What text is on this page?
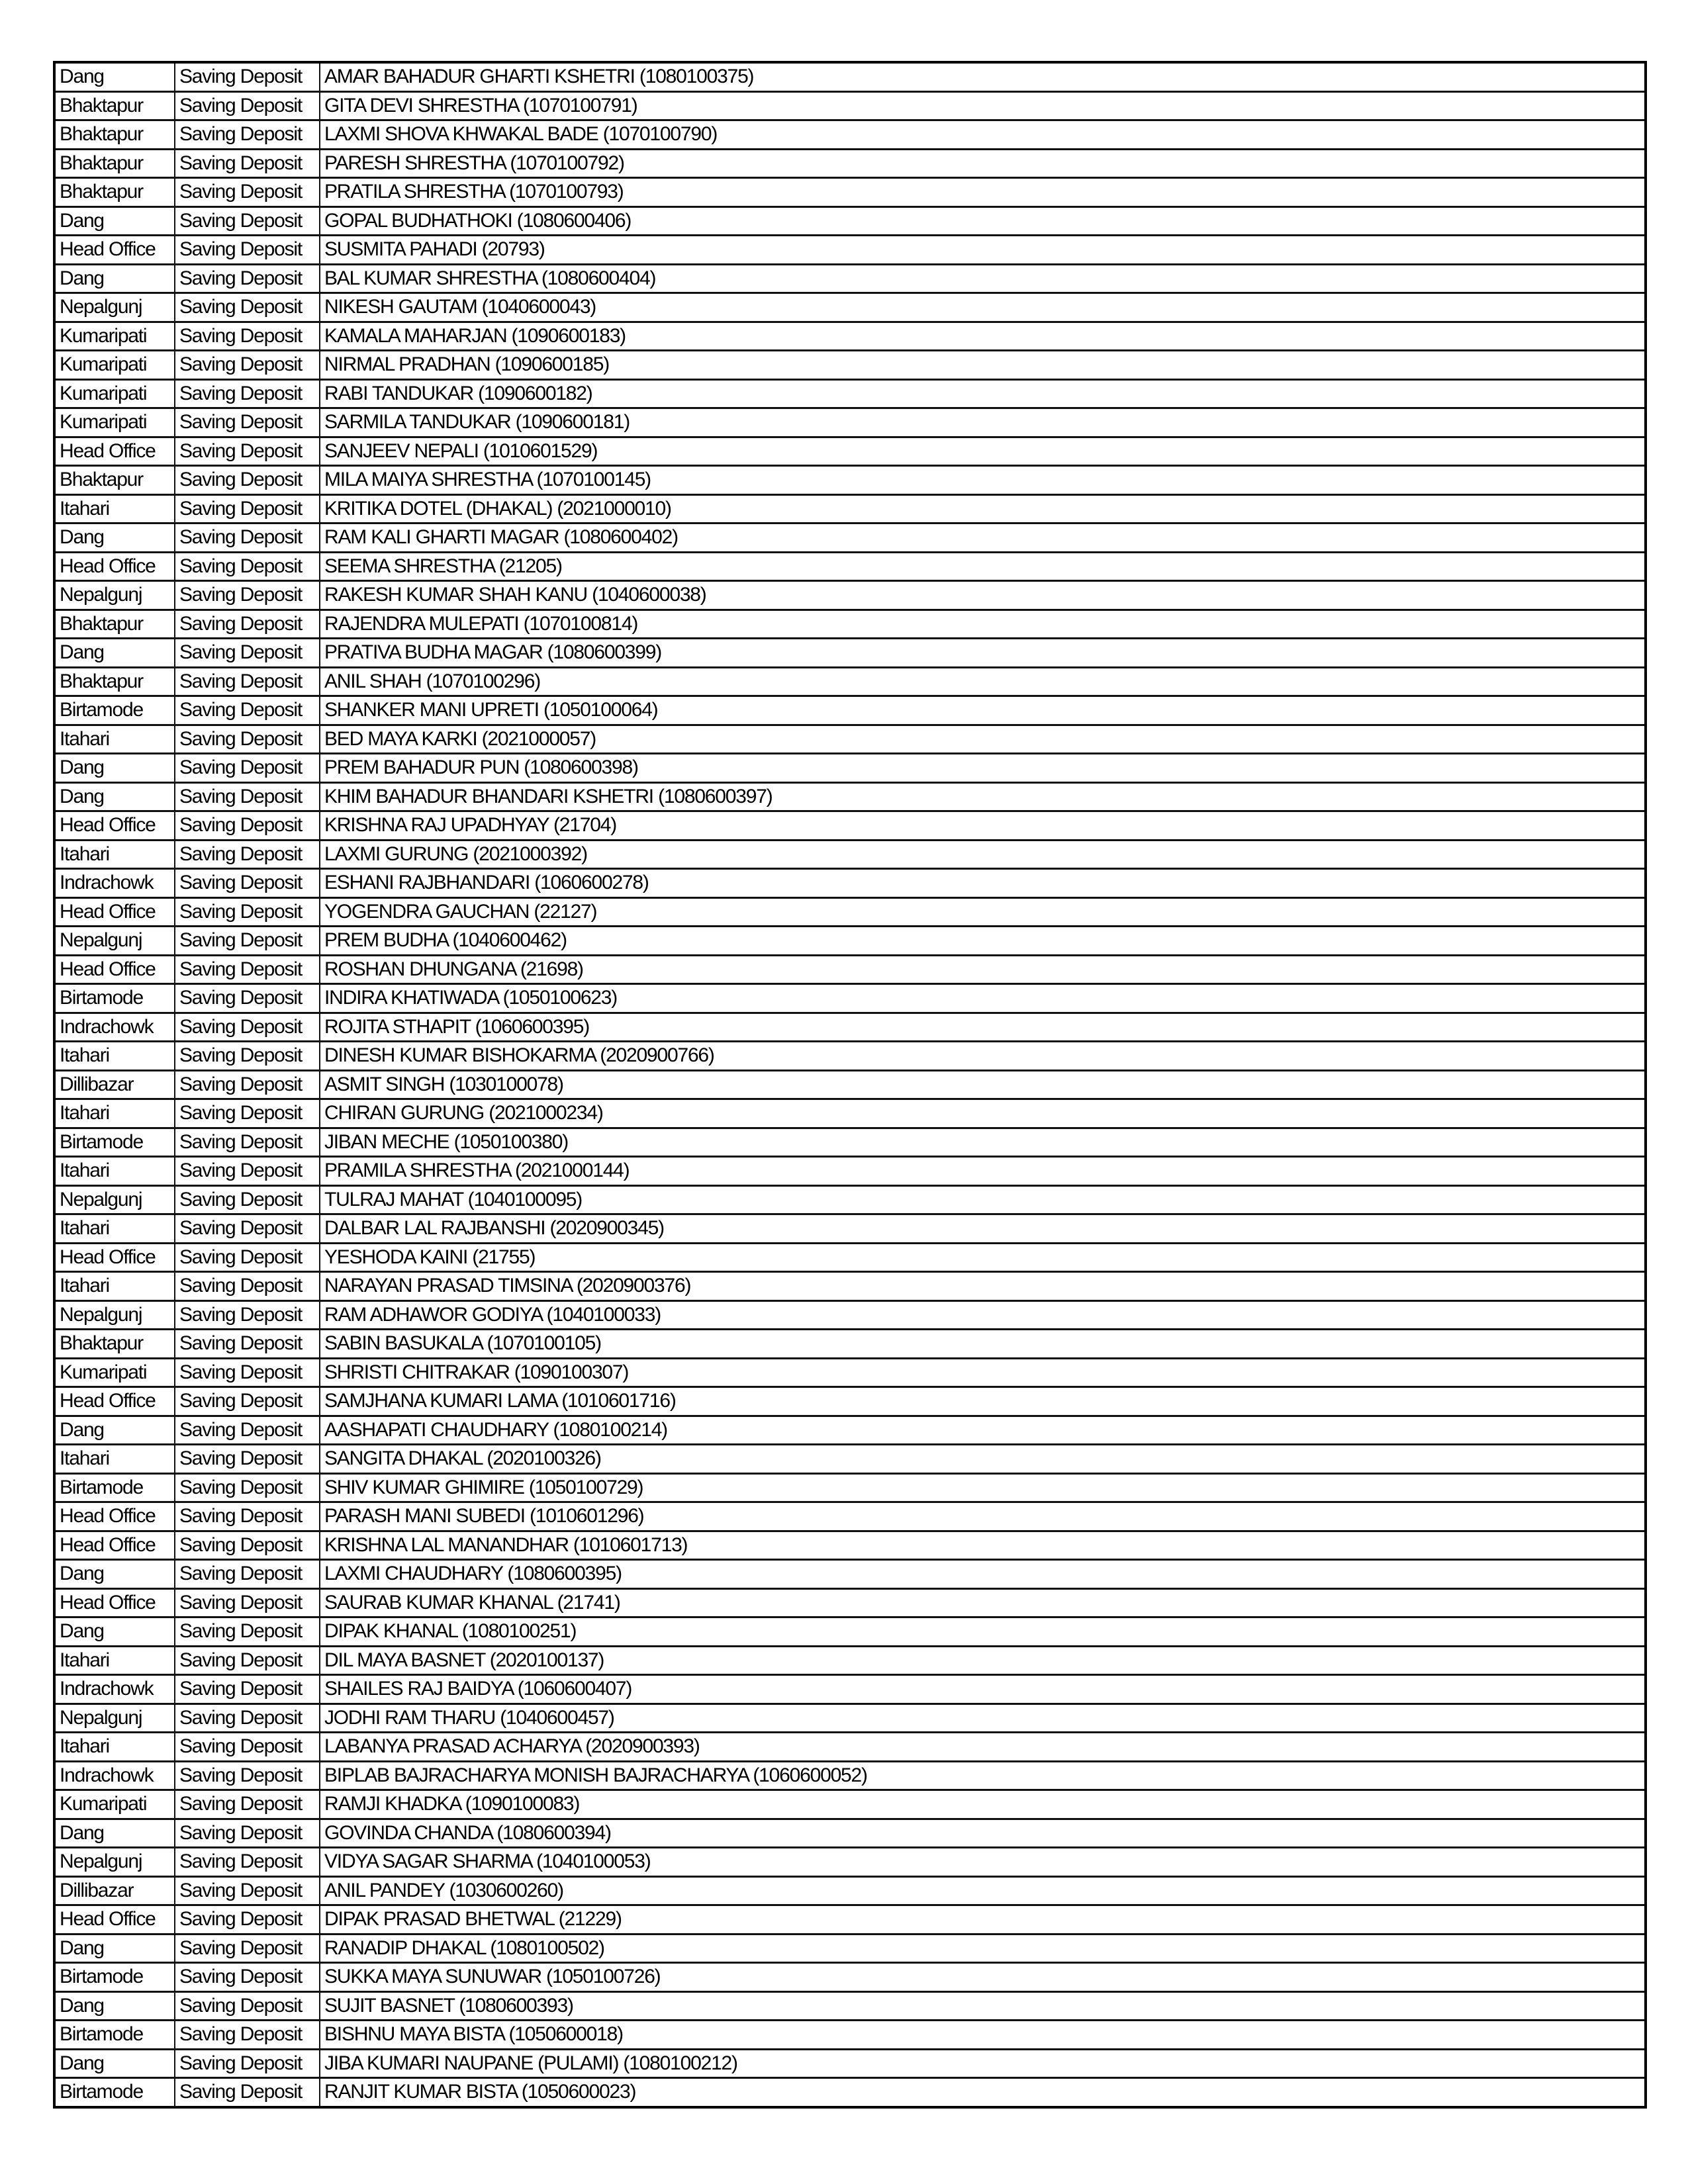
Dang	Saving Deposit	AMAR BAHADUR GHARTI KSHETRI (1080100375)
Bhaktapur	Saving Deposit	GITA DEVI SHRESTHA (1070100791)
Bhaktapur	Saving Deposit	LAXMI SHOVA KHWAKAL BADE (1070100790)
Bhaktapur	Saving Deposit	PARESH SHRESTHA (1070100792)
Bhaktapur	Saving Deposit	PRATILA SHRESTHA (1070100793)
Dang	Saving Deposit	GOPAL BUDHATHOKI (1080600406)
Head Office	Saving Deposit	SUSMITA PAHADI (20793)
Dang	Saving Deposit	BAL KUMAR SHRESTHA (1080600404)
Nepalgunj	Saving Deposit	NIKESH GAUTAM (1040600043)
Kumaripati	Saving Deposit	KAMALA MAHARJAN (1090600183)
Kumaripati	Saving Deposit	NIRMAL PRADHAN (1090600185)
Kumaripati	Saving Deposit	RABI TANDUKAR (1090600182)
Kumaripati	Saving Deposit	SARMILA TANDUKAR (1090600181)
Head Office	Saving Deposit	SANJEEV NEPALI (1010601529)
Bhaktapur	Saving Deposit	MILA MAIYA SHRESTHA (1070100145)
Itahari	Saving Deposit	KRITIKA DOTEL (DHAKAL) (2021000010)
Dang	Saving Deposit	RAM KALI GHARTI MAGAR (1080600402)
Head Office	Saving Deposit	SEEMA SHRESTHA (21205)
Nepalgunj	Saving Deposit	RAKESH KUMAR SHAH KANU (1040600038)
Bhaktapur	Saving Deposit	RAJENDRA MULEPATI (1070100814)
Dang	Saving Deposit	PRATIVA BUDHA MAGAR (1080600399)
Bhaktapur	Saving Deposit	ANIL SHAH (1070100296)
Birtamode	Saving Deposit	SHANKER MANI UPRETI (1050100064)
Itahari	Saving Deposit	BED MAYA KARKI (2021000057)
Dang	Saving Deposit	PREM BAHADUR PUN (1080600398)
Dang	Saving Deposit	KHIM BAHADUR BHANDARI KSHETRI (1080600397)
Head Office	Saving Deposit	KRISHNA RAJ UPADHYAY (21704)
Itahari	Saving Deposit	LAXMI GURUNG (2021000392)
Indrachowk	Saving Deposit	ESHANI RAJBHANDARI (1060600278)
Head Office	Saving Deposit	YOGENDRA GAUCHAN (22127)
Nepalgunj	Saving Deposit	PREM BUDHA (1040600462)
Head Office	Saving Deposit	ROSHAN DHUNGANA (21698)
Birtamode	Saving Deposit	INDIRA KHATIWADA (1050100623)
Indrachowk	Saving Deposit	ROJITA STHAPIT (1060600395)
Itahari	Saving Deposit	DINESH KUMAR BISHOKARMA (2020900766)
Dillibazar	Saving Deposit	ASMIT SINGH (1030100078)
Itahari	Saving Deposit	CHIRAN GURUNG (2021000234)
Birtamode	Saving Deposit	JIBAN MECHE (1050100380)
Itahari	Saving Deposit	PRAMILA SHRESTHA (2021000144)
Nepalgunj	Saving Deposit	TULRAJ MAHAT (1040100095)
Itahari	Saving Deposit	DALBAR LAL RAJBANSHI (2020900345)
Head Office	Saving Deposit	YESHODA KAINI (21755)
Itahari	Saving Deposit	NARAYAN PRASAD TIMSINA (2020900376)
Nepalgunj	Saving Deposit	RAM ADHAWOR GODIYA (1040100033)
Bhaktapur	Saving Deposit	SABIN BASUKALA (1070100105)
Kumaripati	Saving Deposit	SHRISTI CHITRAKAR (1090100307)
Head Office	Saving Deposit	SAMJHANA KUMARI LAMA (1010601716)
Dang	Saving Deposit	AASHAPATI CHAUDHARY (1080100214)
Itahari	Saving Deposit	SANGITA DHAKAL (2020100326)
Birtamode	Saving Deposit	SHIV KUMAR GHIMIRE (1050100729)
Head Office	Saving Deposit	PARASH MANI SUBEDI (1010601296)
Head Office	Saving Deposit	KRISHNA LAL MANANDHAR (1010601713)
Dang	Saving Deposit	LAXMI CHAUDHARY (1080600395)
Head Office	Saving Deposit	SAURAB KUMAR KHANAL (21741)
Dang	Saving Deposit	DIPAK KHANAL (1080100251)
Itahari	Saving Deposit	DIL MAYA BASNET (2020100137)
Indrachowk	Saving Deposit	SHAILES RAJ BAIDYA (1060600407)
Nepalgunj	Saving Deposit	JODHI RAM THARU (1040600457)
Itahari	Saving Deposit	LABANYA PRASAD ACHARYA (2020900393)
Indrachowk	Saving Deposit	BIPLAB BAJRACHARYA MONISH BAJRACHARYA (1060600052)
Kumaripati	Saving Deposit	RAMJI KHADKA (1090100083)
Dang	Saving Deposit	GOVINDA CHANDA (1080600394)
Nepalgunj	Saving Deposit	VIDYA SAGAR SHARMA (1040100053)
Dillibazar	Saving Deposit	ANIL PANDEY (1030600260)
Head Office	Saving Deposit	DIPAK PRASAD BHETWAL (21229)
Dang	Saving Deposit	RANADIP DHAKAL (1080100502)
Birtamode	Saving Deposit	SUKKA MAYA SUNUWAR (1050100726)
Dang	Saving Deposit	SUJIT BASNET (1080600393)
Birtamode	Saving Deposit	BISHNU MAYA BISTA (1050600018)
Dang	Saving Deposit	JIBA KUMARI NAUPANE (PULAMI) (1080100212)
Birtamode	Saving Deposit	RANJIT KUMAR BISTA (1050600023)
